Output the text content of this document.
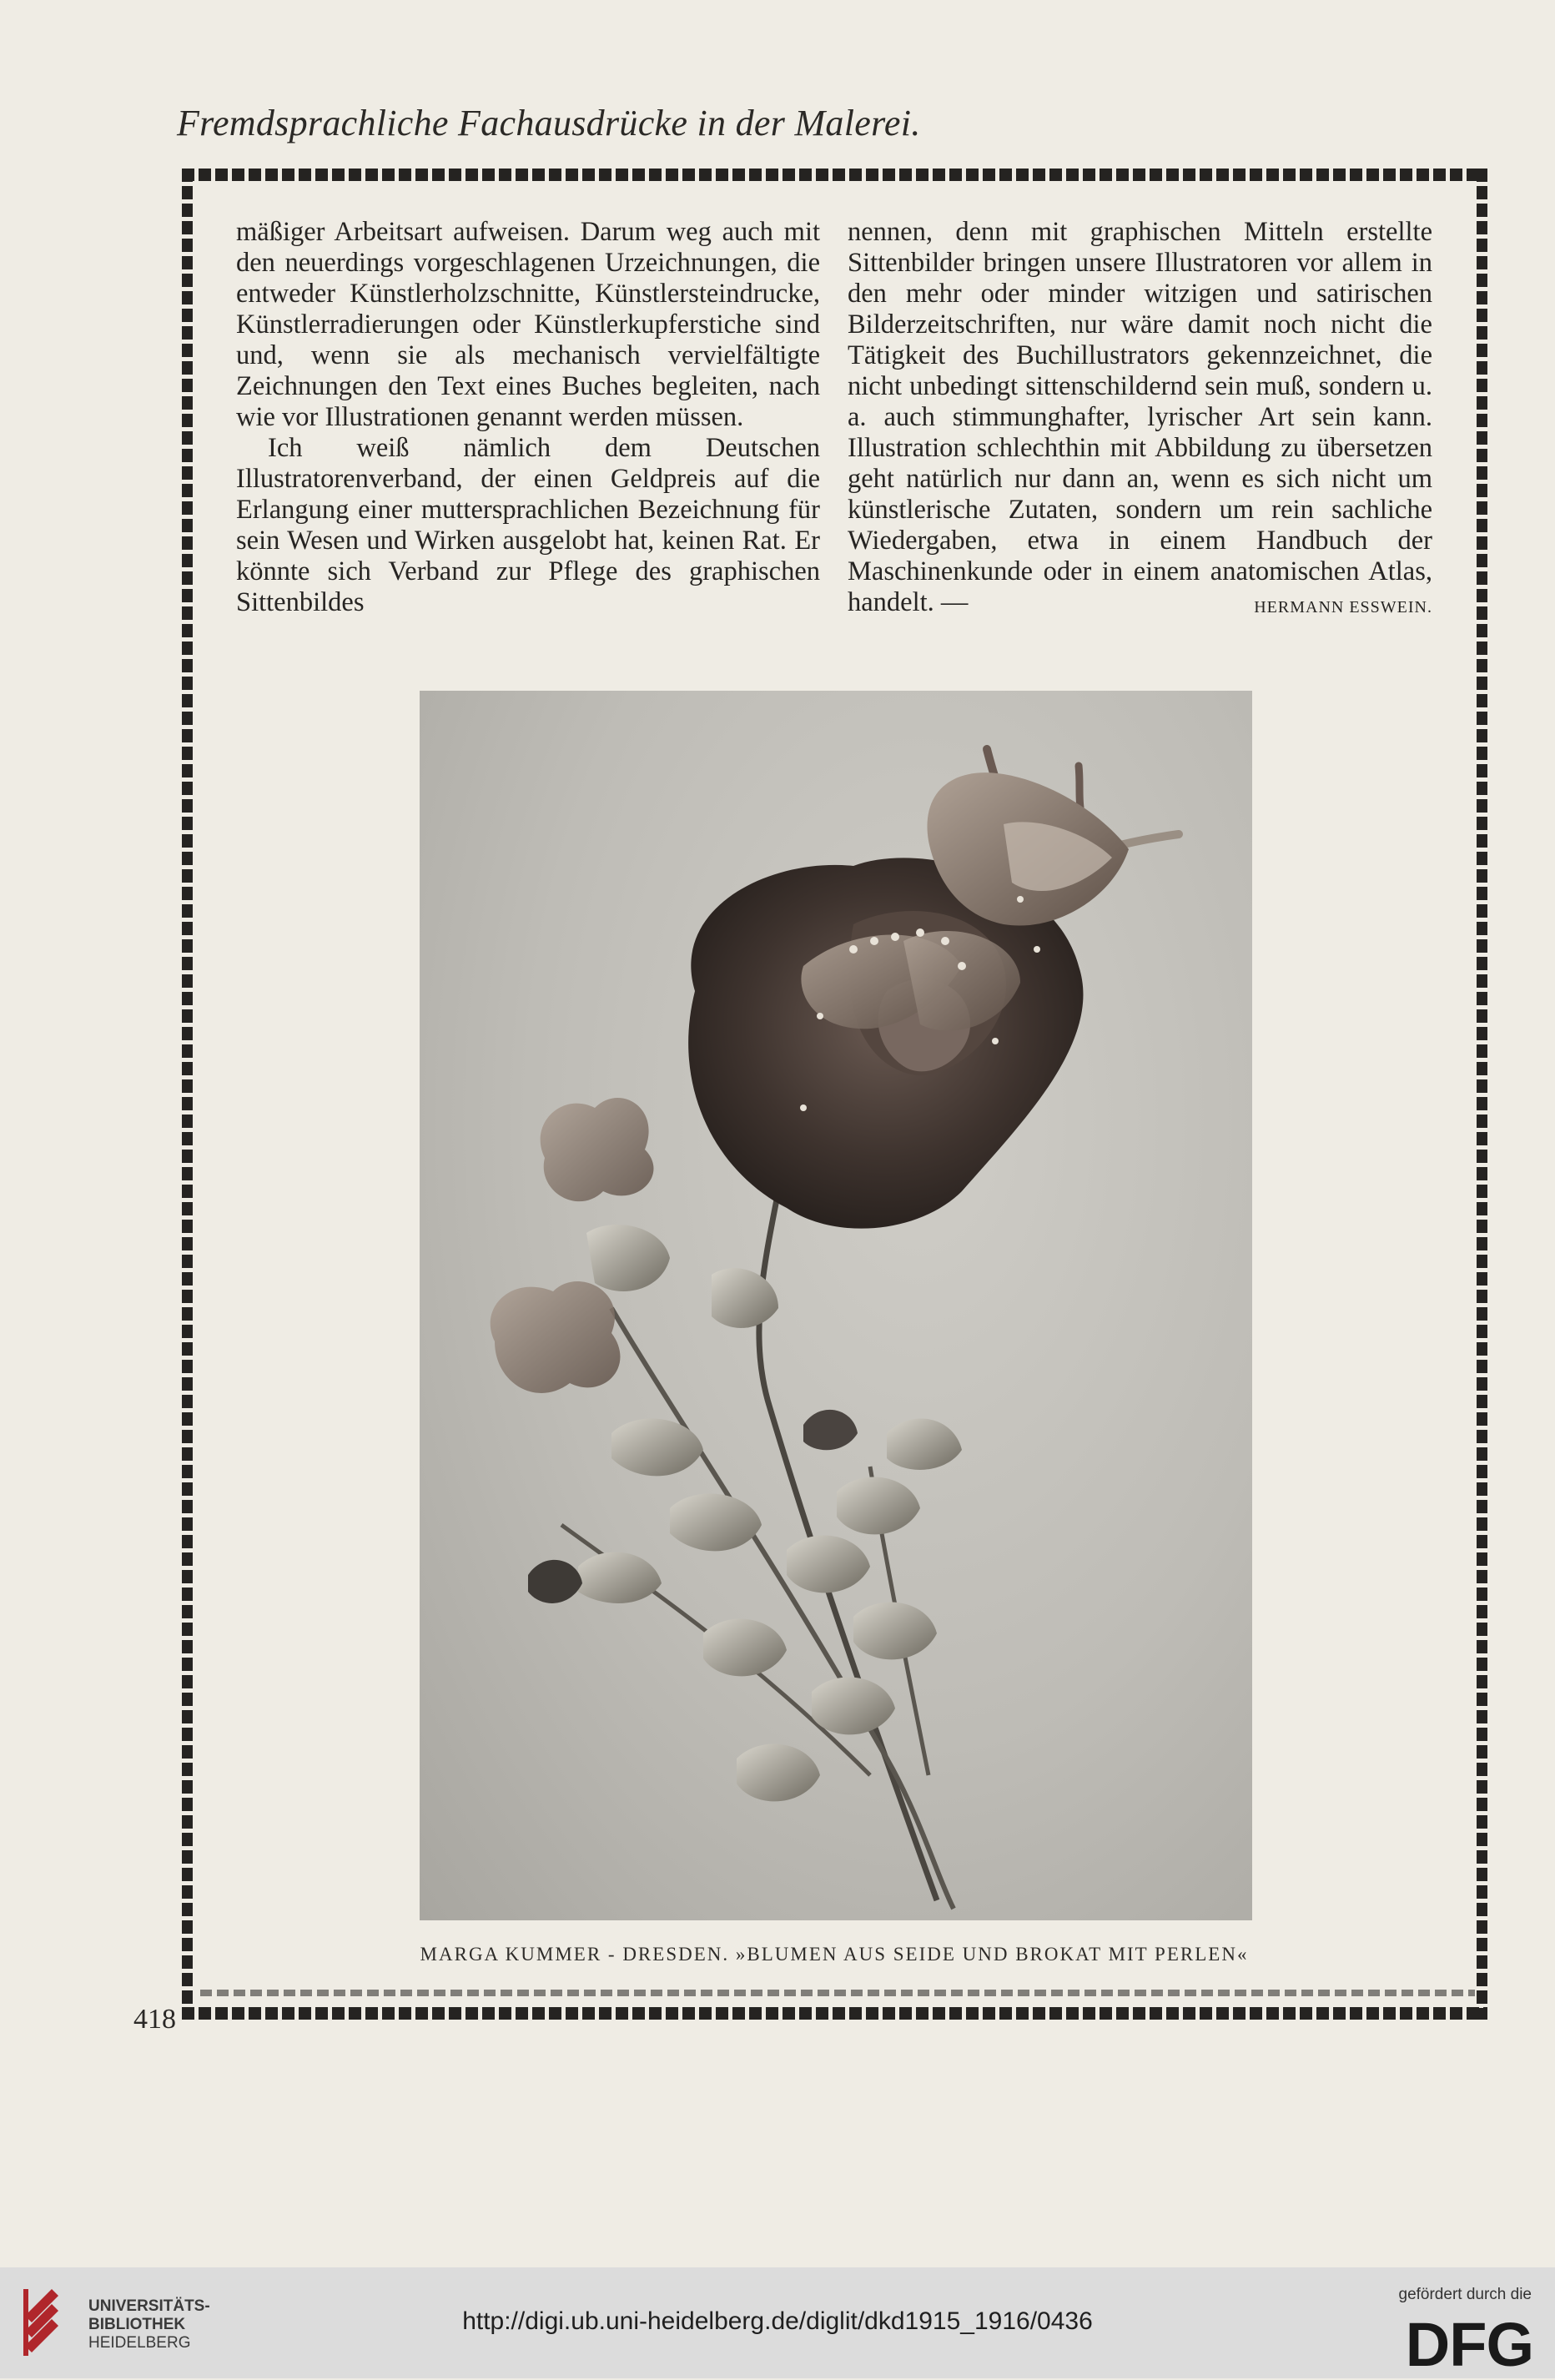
Fremdsprachliche Fachausdrücke in der Malerei.

mäßiger Arbeitsart aufweisen. Darum weg auch mit den neuerdings vorgeschlagenen Urzeichnungen, die entweder Künstlerholzschnitte, Künstlersteindrucke, Künstlerradierungen oder Künstlerkupferstiche sind und, wenn sie als mechanisch vervielfältigte Zeichnungen den Text eines Buches begleiten, nach wie vor Illustrationen genannt werden müssen.

Ich weiß nämlich dem Deutschen Illustratorenverband, der einen Geldpreis auf die Erlangung einer muttersprachlichen Bezeichnung für sein Wesen und Wirken ausgelobt hat, keinen Rat. Er könnte sich Verband zur Pflege des graphischen Sittenbildes

nennen, denn mit graphischen Mitteln erstellte Sittenbilder bringen unsere Illustratoren vor allem in den mehr oder minder witzigen und satirischen Bilderzeitschriften, nur wäre damit noch nicht die Tätigkeit des Buchillustrators gekennzeichnet, die nicht unbedingt sittenschildernd sein muß, sondern u. a. auch stimmunghafter, lyrischer Art sein kann. Illustration schlechthin mit Abbildung zu übersetzen geht natürlich nur dann an, wenn es sich nicht um künstlerische Zutaten, sondern um rein sachliche Wiedergaben, etwa in einem Handbuch der Maschinenkunde oder in einem anatomischen Atlas, handelt. —	HERMANN ESSWEIN.

MARGA KUMMER - DRESDEN. »BLUMEN AUS SEIDE UND BROKAT MIT PERLEN«
418
UNIVERSITÄTS-
BIBLIOTHEK
HEIDELBERG
http://digi.ub.uni-heidelberg.de/diglit/dkd1915_1916/0436
gefördert durch die
DFG
